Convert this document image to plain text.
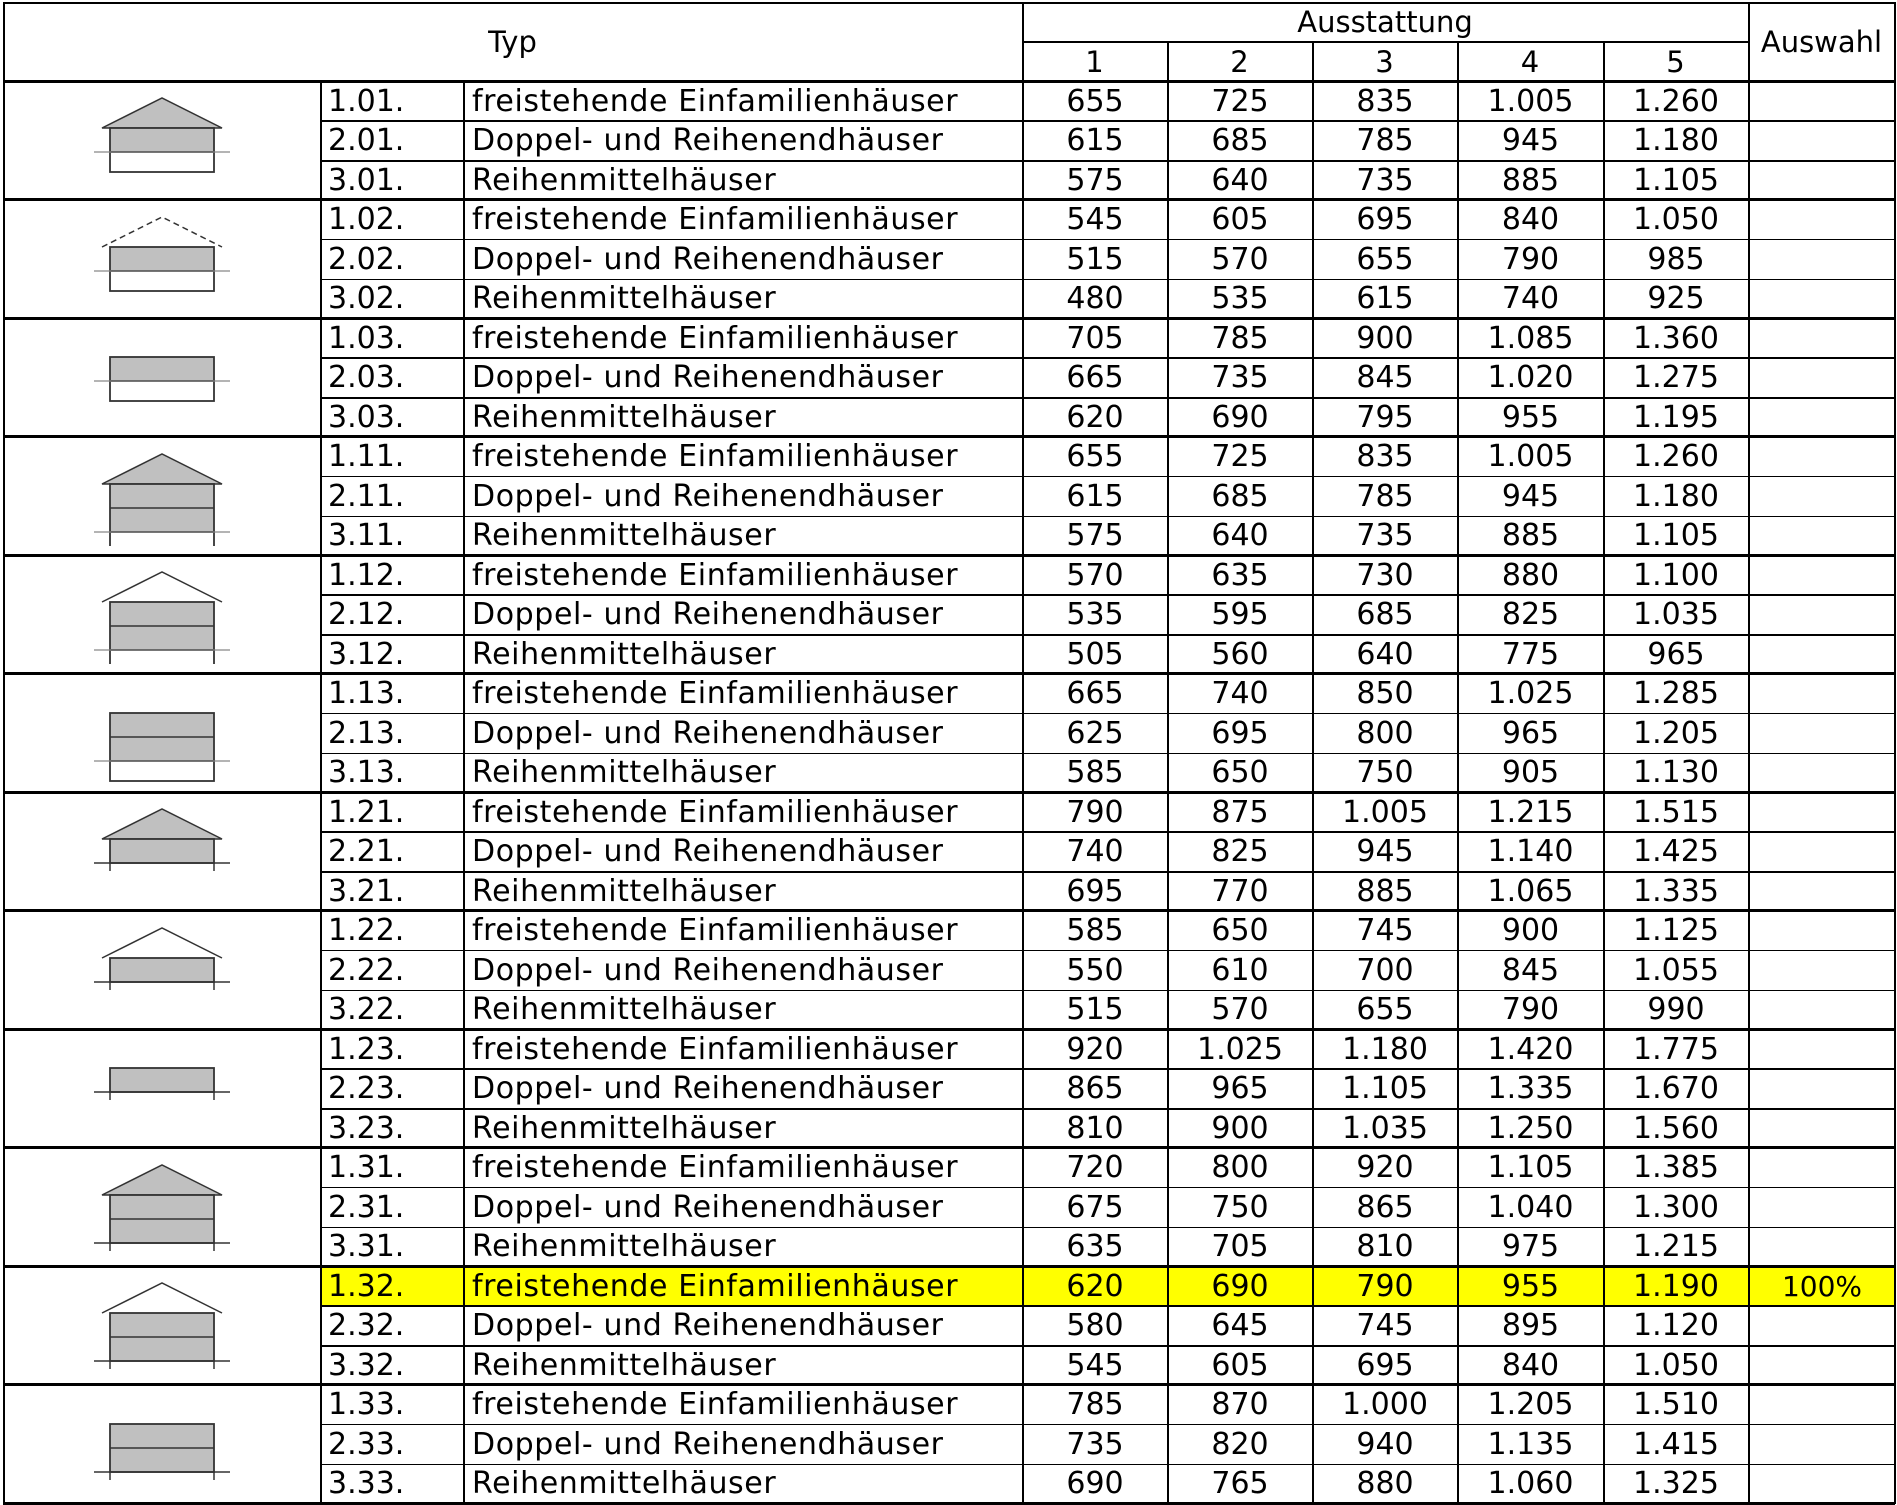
Typ
Ausstattung
1	2	3	4	5
Auswahl
1.01.	freistehende Einfamilienhäuser	655	725	835	1.005	1.260
2.01.	Doppel- und Reihenendhäuser	615	685	785	945	1.180
3.01.	Reihenmittelhäuser	575	640	735	885	1.105
1.02.	freistehende Einfamilienhäuser	545	605	695	840	1.050
2.02.	Doppel- und Reihenendhäuser	515	570	655	790	985
3.02.	Reihenmittelhäuser	480	535	615	740	925
1.03.	freistehende Einfamilienhäuser	705	785	900	1.085	1.360
2.03.	Doppel- und Reihenendhäuser	665	735	845	1.020	1.275
3.03.	Reihenmittelhäuser	620	690	795	955	1.195
1.11.	freistehende Einfamilienhäuser	655	725	835	1.005	1.260
2.11.	Doppel- und Reihenendhäuser	615	685	785	945	1.180
3.11.	Reihenmittelhäuser	575	640	735	885	1.105
1.12.	freistehende Einfamilienhäuser	570	635	730	880	1.100
2.12.	Doppel- und Reihenendhäuser	535	595	685	825	1.035
3.12.	Reihenmittelhäuser	505	560	640	775	965
1.13.	freistehende Einfamilienhäuser	665	740	850	1.025	1.285
2.13.	Doppel- und Reihenendhäuser	625	695	800	965	1.205
3.13.	Reihenmittelhäuser	585	650	750	905	1.130
1.21.	freistehende Einfamilienhäuser	790	875	1.005	1.215	1.515
2.21.	Doppel- und Reihenendhäuser	740	825	945	1.140	1.425
3.21.	Reihenmittelhäuser	695	770	885	1.065	1.335
1.22.	freistehende Einfamilienhäuser	585	650	745	900	1.125
2.22.	Doppel- und Reihenendhäuser	550	610	700	845	1.055
3.22.	Reihenmittelhäuser	515	570	655	790	990
1.23.	freistehende Einfamilienhäuser	920	1.025	1.180	1.420	1.775
2.23.	Doppel- und Reihenendhäuser	865	965	1.105	1.335	1.670
3.23.	Reihenmittelhäuser	810	900	1.035	1.250	1.560
1.31.	freistehende Einfamilienhäuser	720	800	920	1.105	1.385
2.31.	Doppel- und Reihenendhäuser	675	750	865	1.040	1.300
3.31.	Reihenmittelhäuser	635	705	810	975	1.215
1.32.	freistehende Einfamilienhäuser	620	690	790	955	1.190	100%
2.32.	Doppel- und Reihenendhäuser	580	645	745	895	1.120
3.32.	Reihenmittelhäuser	545	605	695	840	1.050
1.33.	freistehende Einfamilienhäuser	785	870	1.000	1.205	1.510
2.33.	Doppel- und Reihenendhäuser	735	820	940	1.135	1.415
3.33.	Reihenmittelhäuser	690	765	880	1.060	1.325
